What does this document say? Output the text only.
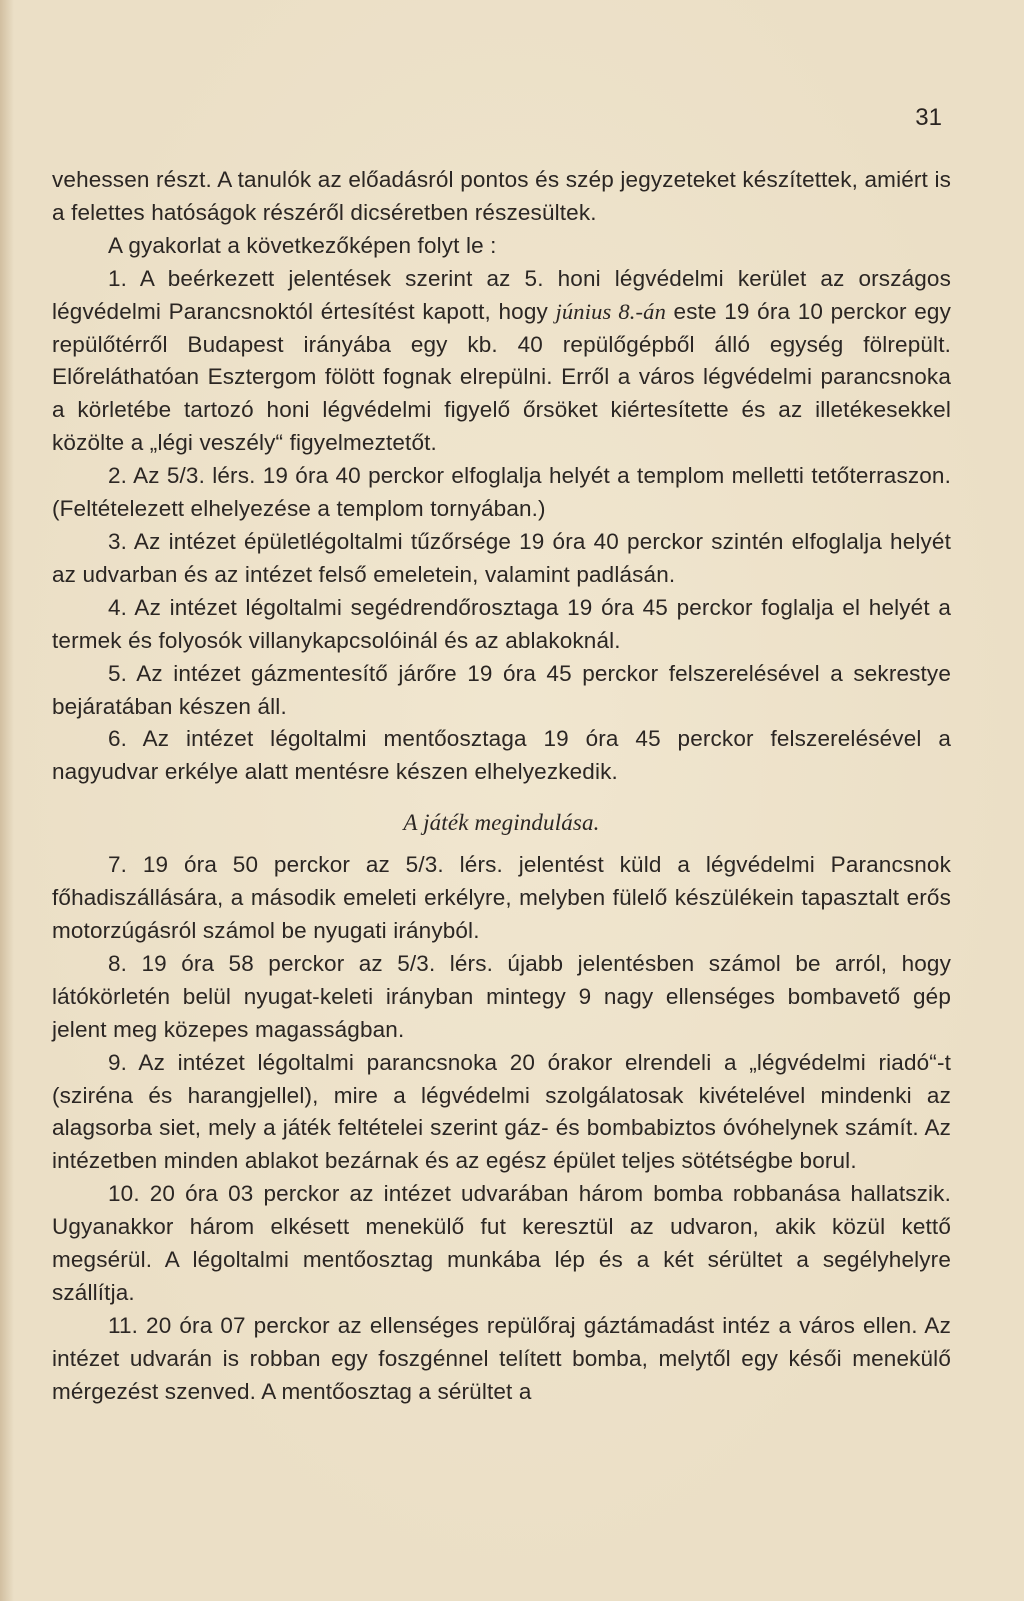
31

vehessen részt. A tanulók az előadásról pontos és szép jegyzeteket készítettek, amiért is a felettes hatóságok részéről dicséretben részesültek.

A gyakorlat a következőképen folyt le :

1. A beérkezett jelentések szerint az 5. honi légvédelmi kerület az országos légvédelmi Parancsnoktól értesítést kapott, hogy június 8.-án este 19 óra 10 perckor egy repülőtérről Budapest irányába egy kb. 40 repülőgépből álló egység fölrepült. Előreláthatóan Esztergom fölött fognak elrepülni. Erről a város légvédelmi parancsnoka a körletébe tartozó honi légvédelmi figyelő őrsöket kiértesítette és az illetékesekkel közölte a „légi veszély“ figyelmeztetőt.

2. Az 5/3. lérs. 19 óra 40 perckor elfoglalja helyét a templom melletti tetőterraszon. (Feltételezett elhelyezése a templom tornyában.)

3. Az intézet épületlégoltalmi tűzőrsége 19 óra 40 perckor szintén elfoglalja helyét az udvarban és az intézet felső emeletein, valamint padlásán.

4. Az intézet légoltalmi segédrendőrosztaga 19 óra 45 perckor foglalja el helyét a termek és folyosók villanykapcsolóinál és az ablakoknál.

5. Az intézet gázmentesítő járőre 19 óra 45 perckor felszerelésével a sekrestye bejáratában készen áll.

6. Az intézet légoltalmi mentőosztaga 19 óra 45 perckor felszerelésével a nagyudvar erkélye alatt mentésre készen elhelyezkedik.

A játék megindulása.

7. 19 óra 50 perckor az 5/3. lérs. jelentést küld a légvédelmi Parancsnok főhadiszállására, a második emeleti erkélyre, melyben fülelő készülékein tapasztalt erős motorzúgásról számol be nyugati irányból.

8. 19 óra 58 perckor az 5/3. lérs. újabb jelentésben számol be arról, hogy látókörletén belül nyugat-keleti irányban mintegy 9 nagy ellenséges bombavető gép jelent meg közepes magasságban.

9. Az intézet légoltalmi parancsnoka 20 órakor elrendeli a „légvédelmi riadó“-t (sziréna és harangjellel), mire a légvédelmi szolgálatosak kivételével mindenki az alagsorba siet, mely a játék feltételei szerint gáz- és bombabiztos óvóhelynek számít. Az intézetben minden ablakot bezárnak és az egész épület teljes sötétségbe borul.

10. 20 óra 03 perckor az intézet udvarában három bomba robbanása hallatszik. Ugyanakkor három elkésett menekülő fut keresztül az udvaron, akik közül kettő megsérül. A légoltalmi mentőosztag munkába lép és a két sérültet a segélyhelyre szállítja.

11. 20 óra 07 perckor az ellenséges repülőraj gáztámadást intéz a város ellen. Az intézet udvarán is robban egy foszgénnel telített bomba, melytől egy késői menekülő mérgezést szenved. A mentőosztag a sérültet a
